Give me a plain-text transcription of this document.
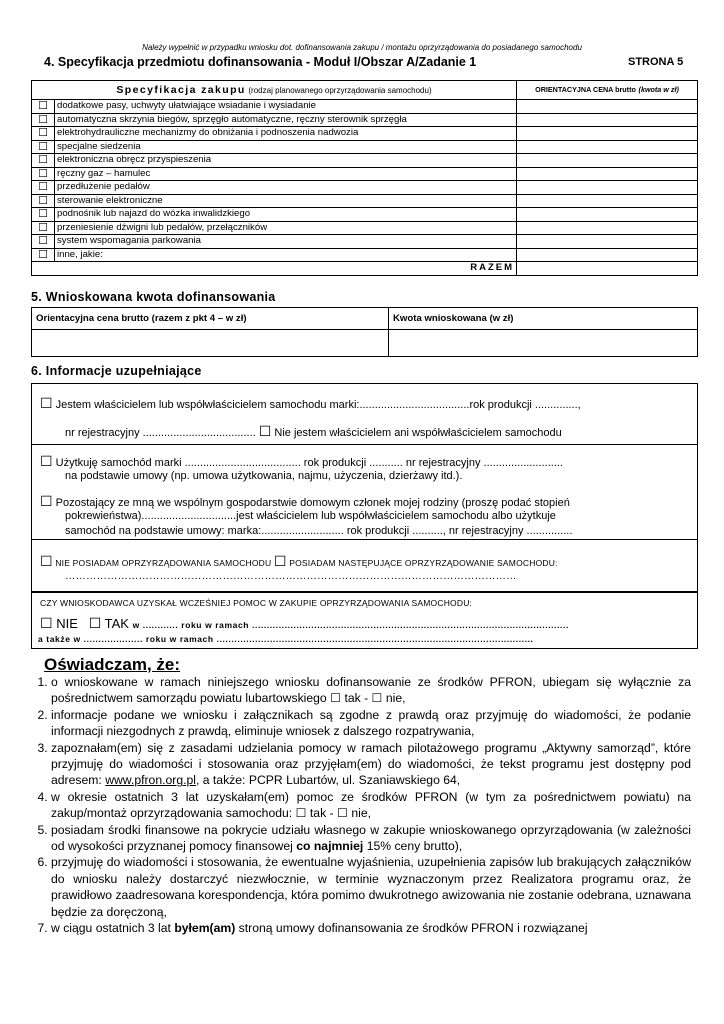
Należy wypełnić w przypadku wniosku dot. dofinansowania zakupu / montażu oprzyrządowania do posiadanego samochodu
4. Specyfikacja przedmiotu dofinansowania - Moduł I/Obszar A/Zadanie 1	STRONA 5
Specyfikacja zakupu (rodzaj planowanego oprzyrządowania samochodu)		ORIENTACYJNA CENA brutto (kwota w zł)
☐	dodatkowe pasy, uchwyty ułatwiające wsiadanie i wysiadanie	
☐	automatyczna skrzynia biegów, sprzęgło automatyczne, ręczny sterownik sprzęgła	
☐	elektrohydrauliczne mechanizmy do obniżania i podnoszenia nadwozia	
☐	specjalne siedzenia	
☐	elektroniczna obręcz przyspieszenia	
☐	ręczny gaz – hamulec	
☐	przedłużenie pedałów	
☐	sterowanie elektroniczne	
☐	podnośnik lub najazd do wózka inwalidzkiego	
☐	przeniesienie dźwigni lub pedałów, przełączników	
☐	system wspomagania parkowania	
☐	inne, jakie:	
RAZEM		
5. Wnioskowana kwota dofinansowania
Orientacyjna cena brutto (razem z pkt 4 – w zł)	Kwota wnioskowana (w zł)

6. Informacje uzupełniające
☐ Jestem właścicielem lub współwłaścicielem samochodu marki:....................................rok produkcji ..............,
nr rejestracyjny ..................................... ☐ Nie jestem właścicielem ani współwłaścicielem samochodu
☐ Użytkuję samochód marki ...................................... rok produkcji ........... nr rejestracyjny ..........................
na podstawie umowy (np. umowa użytkowania, najmu, użyczenia, dzierżawy itd.).
☐ Pozostający ze mną we wspólnym gospodarstwie domowym członek mojej rodziny (proszę podać stopień
pokrewieństwa)...............................jest właścicielem lub współwłaścicielem samochodu albo użytkuje
samochód na podstawie umowy: marka:........................... rok produkcji .........., nr rejestracyjny ...............
☐ NIE POSIADAM OPRZYRZĄDOWANIA SAMOCHODU ☐ POSIADAM NASTĘPUJĄCE OPRZYRZĄDOWANIE SAMOCHODU:
…………………………………………………………………………………………………………………
CZY WNIOSKODAWCA UZYSKAŁ WCZEŚNIEJ POMOC W ZAKUPIE OPRZYRZĄDOWANIA SAMOCHODU:
☐ NIE ☐ TAK w ............ roku w ramach ...........................................................................................................
a także w .................... roku w ramach ...........................................................................................................
Oświadczam, że:
1. o wnioskowane w ramach niniejszego wniosku dofinansowanie ze środków PFRON, ubiegam się wyłącznie za pośrednictwem samorządu powiatu lubartowskiego ☐ tak - ☐ nie,
2. informacje podane we wniosku i załącznikach są zgodne z prawdą oraz przyjmuję do wiadomości, że podanie informacji niezgodnych z prawdą, eliminuje wniosek z dalszego rozpatrywania,
3. zapoznałam(em) się z zasadami udzielania pomocy w ramach pilotażowego programu „Aktywny samorząd”, które przyjmuję do wiadomości i stosowania oraz przyjęłam(em) do wiadomości, że tekst programu jest dostępny pod adresem: www.pfron.org.pl, a także: PCPR Lubartów, ul. Szaniawskiego 64,
4. w okresie ostatnich 3 lat uzyskałam(em) pomoc ze środków PFRON (w tym za pośrednictwem powiatu) na zakup/montaż oprzyrządowania samochodu: ☐ tak - ☐ nie,
5. posiadam środki finansowe na pokrycie udziału własnego w zakupie wnioskowanego oprzyrządowania (w zależności od wysokości przyznanej pomocy finansowej co najmniej 15% ceny brutto),
6. przyjmuję do wiadomości i stosowania, że ewentualne wyjaśnienia, uzupełnienia zapisów lub brakujących załączników do wniosku należy dostarczyć niezwłocznie, w terminie wyznaczonym przez Realizatora programu oraz, że prawidłowo zaadresowana korespondencja, która pomimo dwukrotnego awizowania nie zostanie odebrana, uznawana będzie za doręczoną,
7. w ciągu ostatnich 3 lat byłem(am) stroną umowy dofinansowania ze środków PFRON i rozwiązanej
